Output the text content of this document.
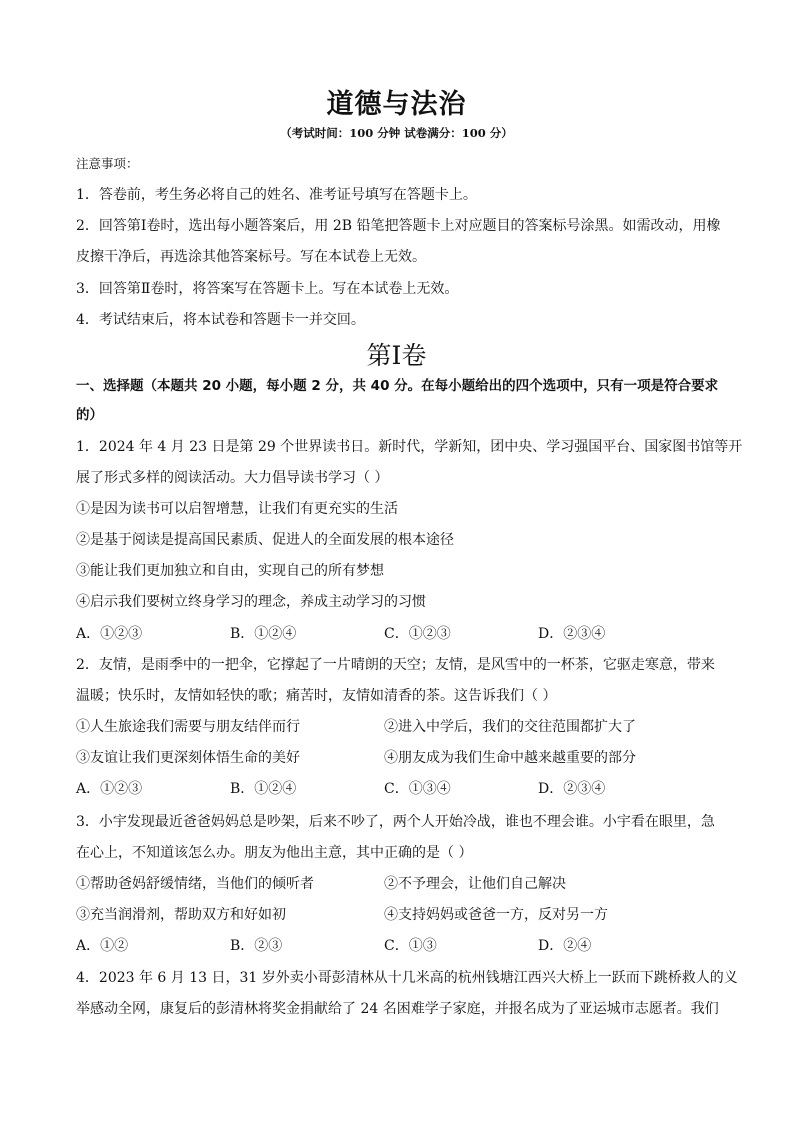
道德与法治
（考试时间：100 分钟 试卷满分：100 分）
注意事项：
1．答卷前，考生务必将自己的姓名、准考证号填写在答题卡上。
2．回答第Ⅰ卷时，选出每小题答案后，用 2B 铅笔把答题卡上对应题目的答案标号涂黑。如需改动，用橡
皮擦干净后，再选涂其他答案标号。写在本试卷上无效。
3．回答第Ⅱ卷时，将答案写在答题卡上。写在本试卷上无效。
4．考试结束后，将本试卷和答题卡一并交回。
第Ⅰ卷
一、选择题（本题共 20 小题，每小题 2 分，共 40 分。在每小题给出的四个选项中，只有一项是符合要求
的）
1．2024 年 4 月 23 日是第 29 个世界读书日。新时代，学新知，团中央、学习强国平台、国家图书馆等开
展了形式多样的阅读活动。大力倡导读书学习（ ）
①是因为读书可以启智增慧，让我们有更充实的生活
②是基于阅读是提高国民素质、促进人的全面发展的根本途径
③能让我们更加独立和自由，实现自己的所有梦想
④启示我们要树立终身学习的理念，养成主动学习的习惯
A．①②③	B．①②④	C．①②③	D．②③④
2．友情，是雨季中的一把伞，它撑起了一片晴朗的天空；友情，是风雪中的一杯茶，它驱走寒意，带来
温暖；快乐时，友情如轻快的歌；痛苦时，友情如清香的茶。这告诉我们（ ）
①人生旅途我们需要与朋友结伴而行	②进入中学后，我们的交往范围都扩大了
③友谊让我们更深刻体悟生命的美好	④朋友成为我们生命中越来越重要的部分
A．①②③	B．①②④	C．①③④	D．②③④
3．小宇发现最近爸爸妈妈总是吵架，后来不吵了，两个人开始冷战，谁也不理会谁。小宇看在眼里，急
在心上，不知道该怎么办。朋友为他出主意，其中正确的是（ ）
①帮助爸妈舒缓情绪，当他们的倾听者	②不予理会，让他们自己解决
③充当润滑剂，帮助双方和好如初	④支持妈妈或爸爸一方，反对另一方
A．①②	B．②③	C．①③	D．②④
4．2023 年 6 月 13 日，31 岁外卖小哥彭清林从十几米高的杭州钱塘江西兴大桥上一跃而下跳桥救人的义
举感动全网，康复后的彭清林将奖金捐献给了 24 名困难学子家庭，并报名成为了亚运城市志愿者。我们
